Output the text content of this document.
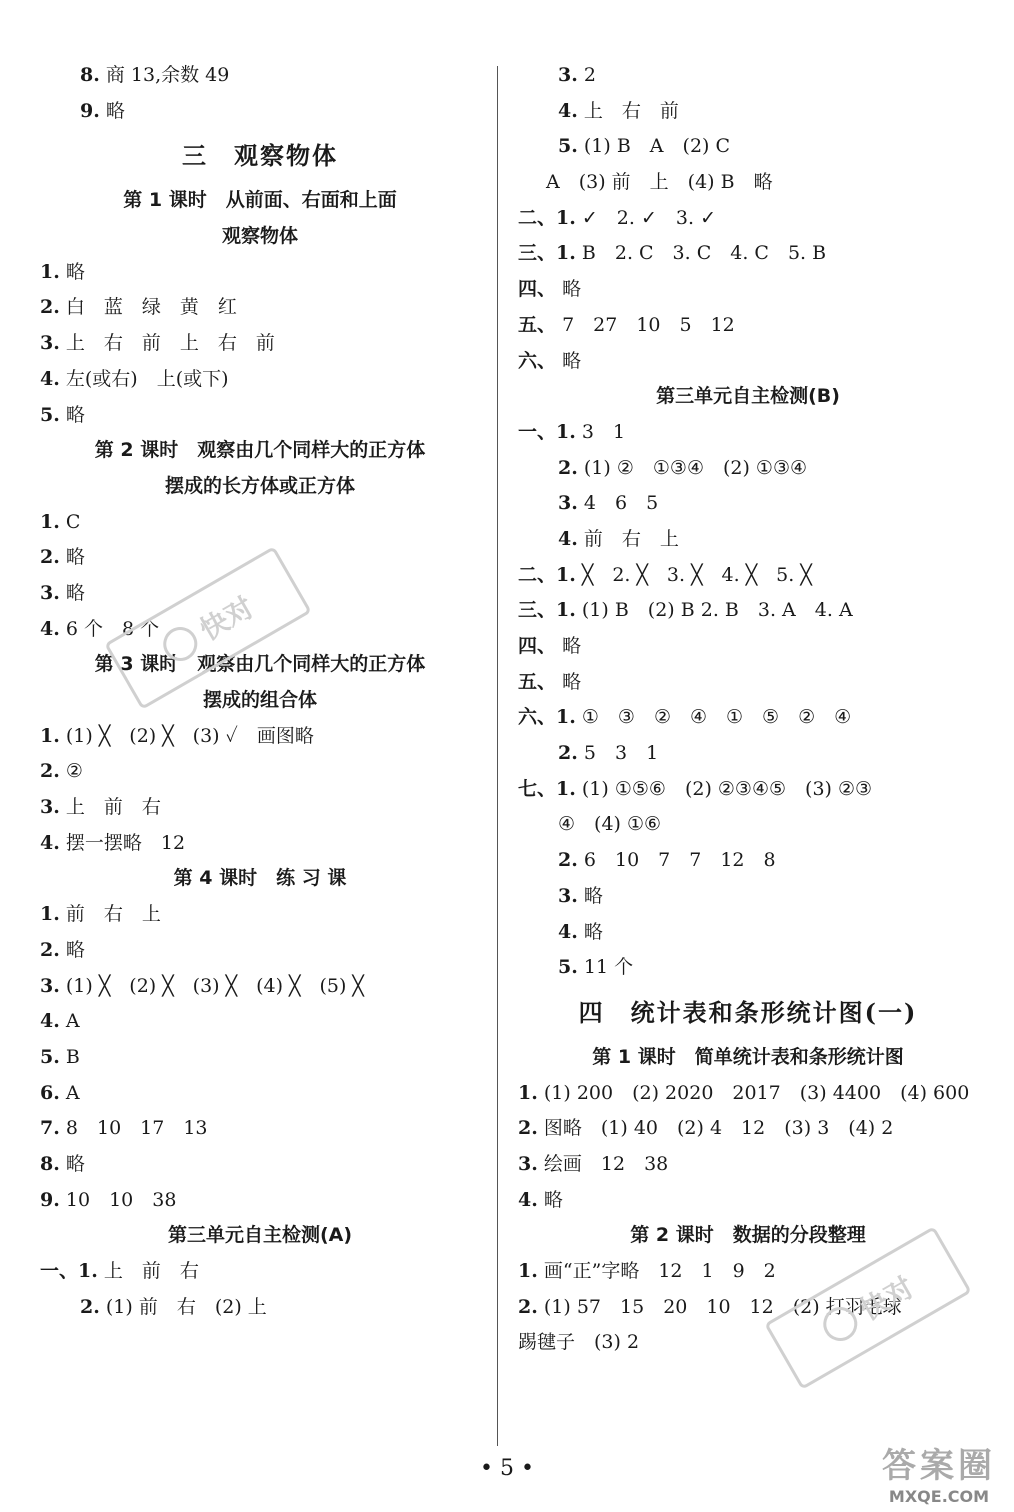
8. 商 13,余数 49
9. 略
三　观察物体
第 1 课时　从前面、右面和上面
观察物体
1. 略
2. 白　蓝　绿　黄　红
3. 上　右　前　上　右　前
4. 左(或右)　上(或下)
5. 略
第 2 课时　观察由几个同样大的正方体
摆成的长方体或正方体
1. C
2. 略
3. 略
4. 6 个　8 个
第 3 课时　观察由几个同样大的正方体
摆成的组合体
1. (1) ╳　(2) ╳　(3) ✓　画图略
2. ②
3. 上　前　右
4. 摆一摆略　12
第 4 课时　练 习 课
1. 前　右　上
2. 略
3. (1) ╳　(2) ╳　(3) ╳　(4) ╳　(5) ╳
4. A
5. B
6. A
7. 8　10　17　13
8. 略
9. 10　10　38
第三单元自主检测(A)
一、1. 上　前　右
2. (1) 前　右　(2) 上
3. 2
4. 上　右　前
5. (1) B　A　(2) C
A　(3) 前　上　(4) B　略
二、1. ✓　2. ✓　3. ✓
三、1. B　2. C　3. C　4. C　5. B
四、 略
五、 7　27　10　5　12
六、 略
第三单元自主检测(B)
一、1. 3　1
2. (1) ②　①③④　(2) ①③④
3. 4　6　5
4. 前　右　上
二、1. ╳　2. ╳　3. ╳　4. ╳　5. ╳
三、1. (1) B　(2) B 2. B　3. A　4. A
四、 略
五、 略
六、1. ①　③　②　④　①　⑤　②　④
2. 5　3　1
七、1. (1) ①⑤⑥　(2) ②③④⑤　(3) ②③
④　(4) ①⑥
2. 6　10　7　7　12　8
3. 略
4. 略
5. 11 个
四　统计表和条形统计图(一)
第 1 课时　简单统计表和条形统计图
1. (1) 200　(2) 2020　2017　(3) 4400　(4) 600
2. 图略　(1) 40　(2) 4　12　(3) 3　(4) 2
3. 绘画　12　38
4. 略
第 2 课时　数据的分段整理
1. 画“正”字略　12　1　9　2
2. (1) 57　15　20　10　12　(2) 打羽毛球
踢毽子　(3) 2
快对
快对
• 5 •	答案圈
MXQE.COM
